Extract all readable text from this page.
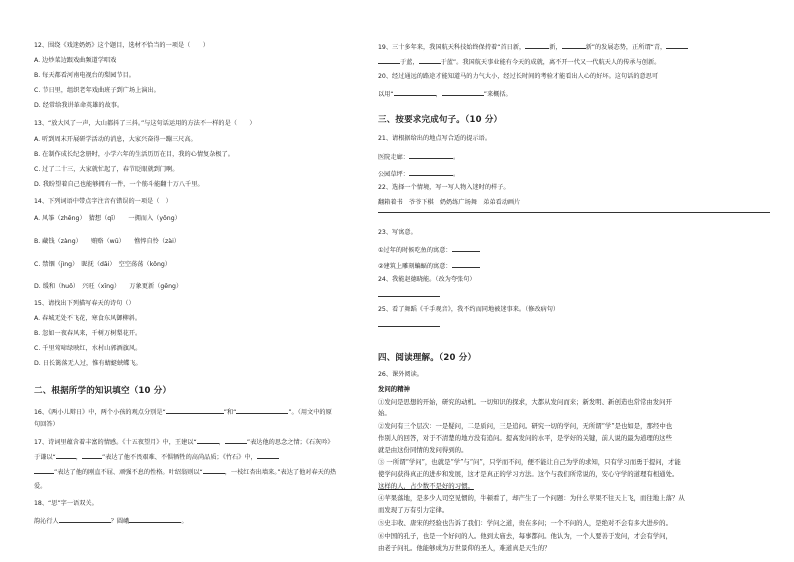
12、围绕《戏迷奶奶》这个题目，选材不恰当的一项是（　　）
A. 边炒菜边跟戏曲频道学唱戏
B. 每天都看河南电视台的梨园节目。
C. 节日里，组织老年戏曲班子到广场上演出。
D. 经常给我讲革命英雄的故事。
13、“放大风了一声，大山都抖了三抖。”与这句话运用的方法不一样的是（　　）
A. 听到周末开展研学活动的消息，大家兴奋得一蹦三尺高。
B. 在制作成长纪念册时，小学六年的生活历历在目，我的心情复杂极了。
C. 过了二十三，大家就忙起了，春节眨眼就到门啊。
D. 我盼望着自己也能够拥有一件，一个筋斗能翻十万八千里。
14、下列词语中带点字注音有错误的一项是（　）
A. 风筝（zhēng）　猜想（qī）　　一拥而入（yōng）
B. 藏钱（zàng）　　贿赂（wū）　　憔悴自怜（zài）
C. 禁锢（jìng）　昵抚（dāi）　空空荡荡（kōng）
D. 缓和（huō）　兴旺（xīng）　　万象更新（gēng）
15、请找出下列描写春天的诗句（）
A. 春城无处不飞花，寒食东风御柳斜。
B. 忽如一夜春风来，千树万树梨花开。
C. 千里莺啼绿映红，水村山郭酒旗风。
D. 日长篱落无人过，惟有蜻蜓蛱蝶飞。
二、根据所学的知识填空（10 分）
16、《两小儿辩日》中，两个小孩的观点分别是“	”和“	”。（用文中的原
句回答）
17、诗词里蕴含着丰富的情感。《十五夜望月》中，王建以“	，	”表达他的思念之情；《石灰吟》
于谦以“	，	”表达了他不畏艰难、不惧牺牲的高尚品质；《竹石》中，
”表达了他的刚直不屈、顽强不息的性格。叶绍翁则以“	，一枝红杏出墙来。”表达了他对春天的热
爱。
18、“思”字一语双关。
韵沁行人	？圆峨	。
19、三十多年来，我国航天科技始终保持着“首日新，	新，	新”的发展态势，正所谓“青，
于蓝，	于蓝”。我国航天事业能有今天的成就，离不开一代又一代航天人的传承与创新。
20、经过通远的路途才能知道马的力气大小，经过长时间的考验才能看出人心的好坏。这句话的意思可
以用“	，	”来概括。
三、按要求完成句子。（10 分）
21、请根据给出的地点写合适的提示语。
医院走廊：	。
公园草坪：	。
22、选择一个情境，写一写人物入迷时的样子。
翻箱着书　爷爷下棋　奶奶练广场舞　弟弟看动画片
23、写寓意。
①过年的时候吃鱼的寓意：
②建筑上雕刻蝙蝠的寓意：
24、我能赵德晓能。（改为夸张句）
25、看了舞蹈《千手观音》，我不约而同地被迷事来。（修改病句）
四、阅读理解。（20 分）
26、课外阅读。
发问的精神
①发问是思想的开始，研究的动机。一切知识的探求，大都从发问而来；新发明、新创造也常常由发问开
始。
②发问有三个层次：一是疑问，二是质问，三是追问。研究一切的学问，无所谓“学”是也如是，那经中也
作别人的回答，对于不清楚的地方没有追问。提高发问的水平，是学好的关键，前人说的最为道理的这些
就是由这份同情的发问得到的。
③ 一所谓“学问”，也就是“学”与“问”，只学而不问，便不能让自己为学的求知，只有学习而勇于提问，才能
使学问获得真正的进步和发展，这才是真正的学习方法。这个与我们所常说的，安心守学的道理有相通处。
这样的人，占少数不是好的习惯。
④苹果落地，是多少人司空见惯的，牛顿看了，却产生了一个问题：为什么苹果不往天上飞，而往地上落？从
而发现了万有引力定律。
⑤史丰收、唐宋的经验也告诉了我们：学问之道，贵在多问；一个不问的人，是绝对不会有多大进步的。
⑥中国的孔子，也是一个好问的人。他到太庙去，每事都问。他认为，一个人要善于发问，才会有学问，
由老子问礼。他能够成为万世景仰的圣人，难道真是天生的？
